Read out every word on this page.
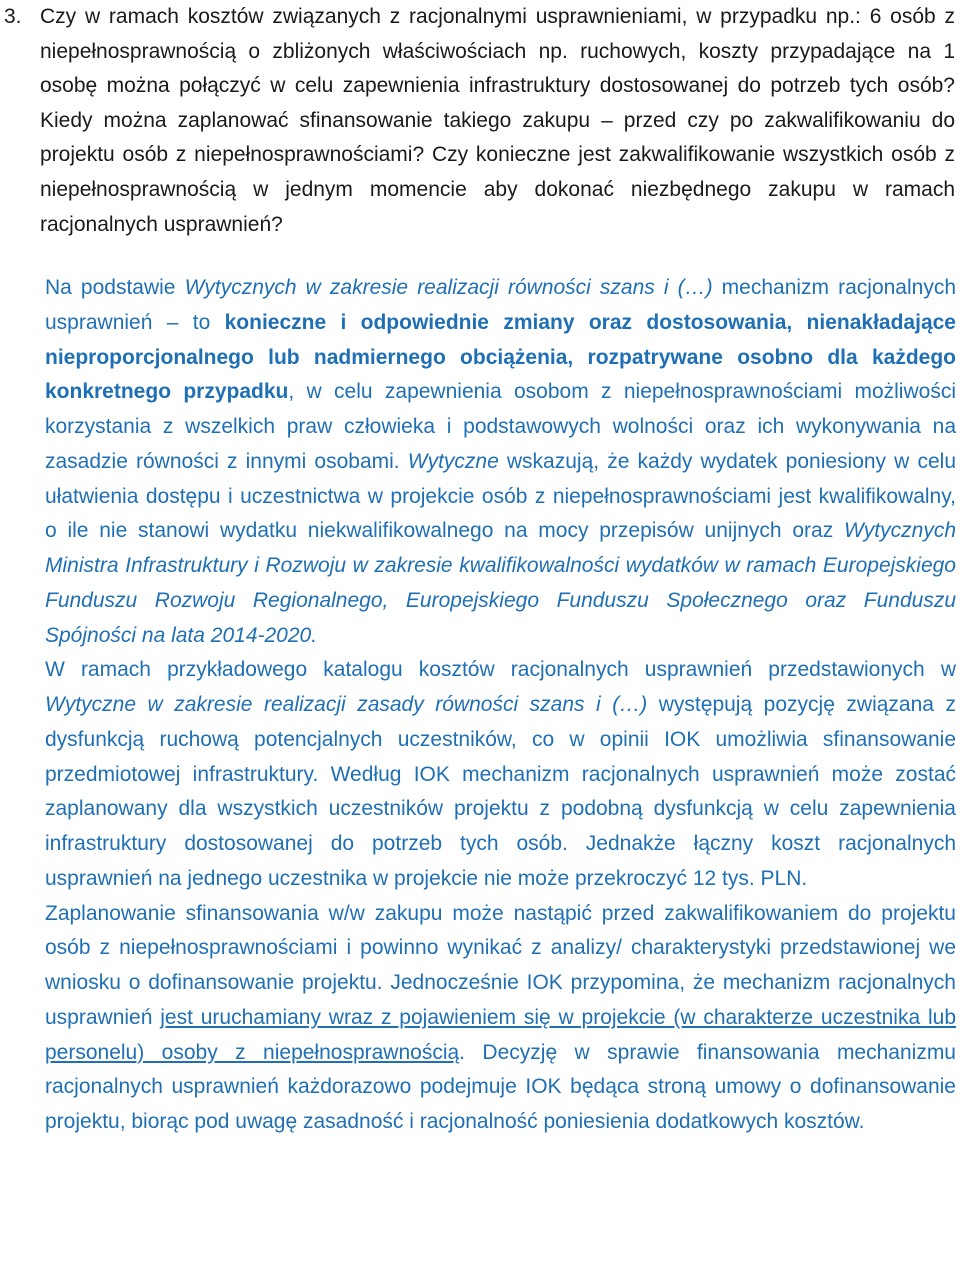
3. Czy w ramach kosztów związanych z racjonalnymi usprawnieniami, w przypadku np.: 6 osób z niepełnosprawnością o zbliżonych właściwościach np. ruchowych, koszty przypadające na 1 osobę można połączyć w celu zapewnienia infrastruktury dostosowanej do potrzeb tych osób? Kiedy można zaplanować sfinansowanie takiego zakupu – przed czy po zakwalifikowaniu do projektu osób z niepełnosprawnościami? Czy konieczne jest zakwalifikowanie wszystkich osób z niepełnosprawnością w jednym momencie aby dokonać niezbędnego zakupu w ramach racjonalnych usprawnień?

Na podstawie Wytycznych w zakresie realizacji równości szans i (…) mechanizm racjonalnych usprawnień – to konieczne i odpowiednie zmiany oraz dostosowania, nienakładające nieproporcjonalnego lub nadmiernego obciążenia, rozpatrywane osobno dla każdego konkretnego przypadku, w celu zapewnienia osobom z niepełnosprawnościami możliwości korzystania z wszelkich praw człowieka i podstawowych wolności oraz ich wykonywania na zasadzie równości z innymi osobami. Wytyczne wskazują, że każdy wydatek poniesiony w celu ułatwienia dostępu i uczestnictwa w projekcie osób z niepełnosprawnościami jest kwalifikowalny, o ile nie stanowi wydatku niekwalifikowalnego na mocy przepisów unijnych oraz Wytycznych Ministra Infrastruktury i Rozwoju w zakresie kwalifikowalności wydatków w ramach Europejskiego Funduszu Rozwoju Regionalnego, Europejskiego Funduszu Społecznego oraz Funduszu Spójności na lata 2014-2020.

W ramach przykładowego katalogu kosztów racjonalnych usprawnień przedstawionych w Wytyczne w zakresie realizacji zasady równości szans i (…) występują pozycję związana z dysfunkcją ruchową potencjalnych uczestników, co w opinii IOK umożliwia sfinansowanie przedmiotowej infrastruktury. Według IOK mechanizm racjonalnych usprawnień może zostać zaplanowany dla wszystkich uczestników projektu z podobną dysfunkcją w celu zapewnienia infrastruktury dostosowanej do potrzeb tych osób. Jednakże łączny koszt racjonalnych usprawnień na jednego uczestnika w projekcie nie może przekroczyć 12 tys. PLN.

Zaplanowanie sfinansowania w/w zakupu może nastąpić przed zakwalifikowaniem do projektu osób z niepełnosprawnościami i powinno wynikać z analizy/ charakterystyki przedstawionej we wniosku o dofinansowanie projektu. Jednocześnie IOK przypomina, że mechanizm racjonalnych usprawnień jest uruchamiany wraz z pojawieniem się w projekcie (w charakterze uczestnika lub personelu) osoby z niepełnosprawnością. Decyzję w sprawie finansowania mechanizmu racjonalnych usprawnień każdorazowo podejmuje IOK będąca stroną umowy o dofinansowanie projektu, biorąc pod uwagę zasadność i racjonalność poniesienia dodatkowych kosztów.
